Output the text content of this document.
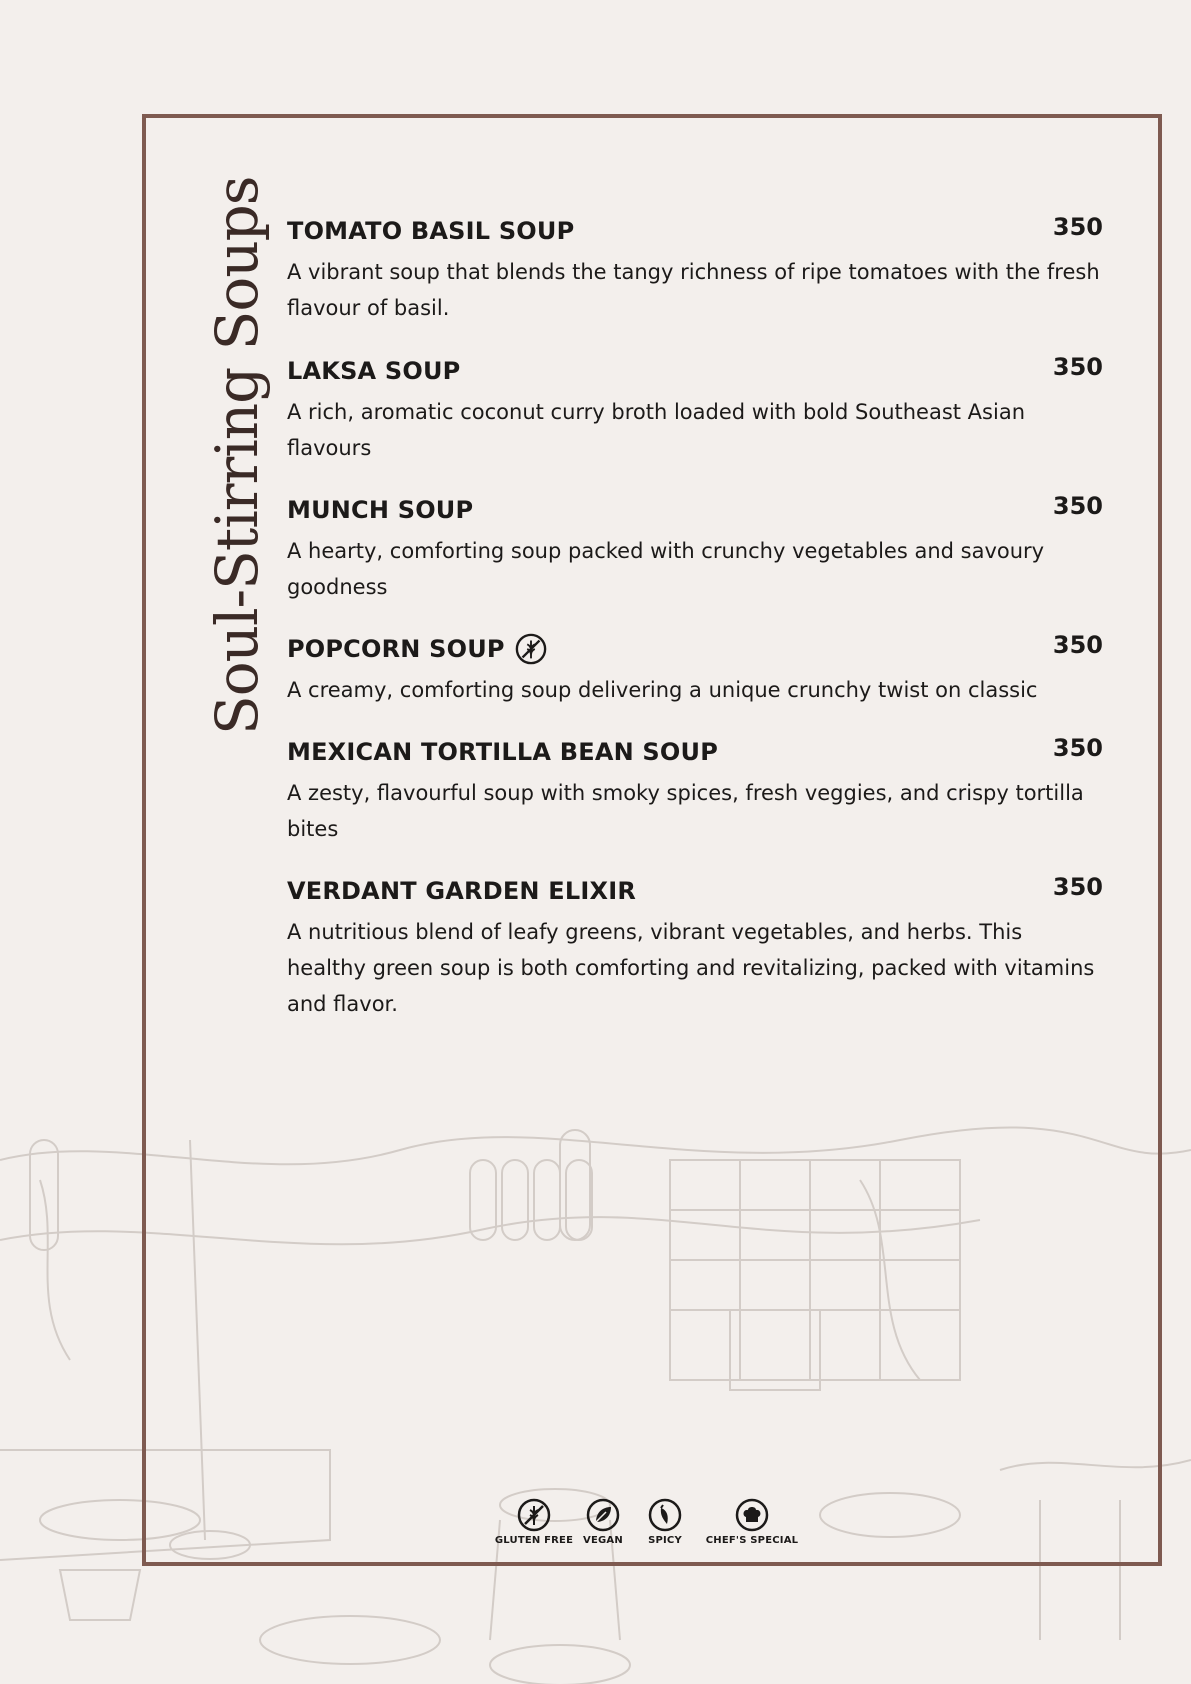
Soul-Stirring Soups TOMATO BASIL SOUP	350

A vibrant soup that blends the tangy richness of ripe tomatoes with the fresh flavour of basil.

LAKSA SOUP	350

A rich, aromatic coconut curry broth loaded with bold Southeast Asian flavours

MUNCH SOUP	350

A hearty, comforting soup packed with crunchy vegetables and savoury goodness

POPCORN SOUP	350

A creamy, comforting soup delivering a unique crunchy twist on classic

MEXICAN TORTILLA BEAN SOUP	350

A zesty, flavourful soup with smoky spices, fresh veggies, and crispy tortilla bites

VERDANT GARDEN ELIXIR	350

A nutritious blend of leafy greens, vibrant vegetables, and herbs. This healthy green soup is both comforting and revitalizing, packed with vitamins and flavor.

GLUTEN FREE VEGAN	SPICY	CHEF'S SPECIAL
